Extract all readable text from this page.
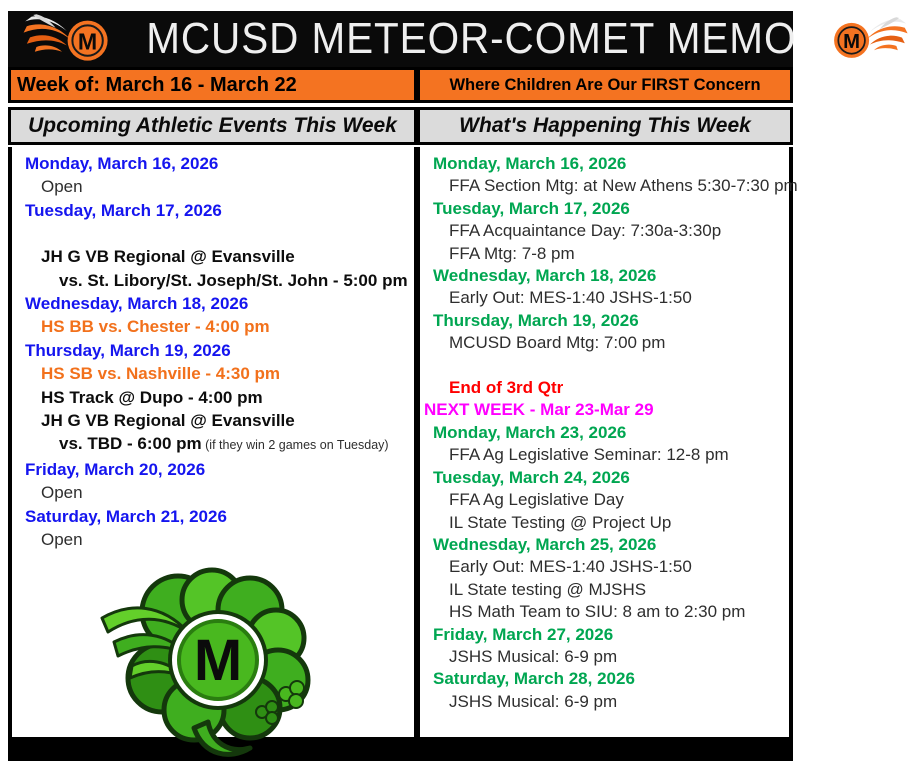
M MCUSD METEOR-COMET MEMO M
Week of: March 16 - March 22	Where Children Are Our FIRST Concern
Upcoming Athletic Events This Week	What's Happening This Week
Monday, March 16, 2026
Open
Tuesday, March 17, 2026

JH G VB Regional @ Evansville
vs. St. Libory/St. Joseph/St. John - 5:00 pm
Wednesday, March 18, 2026
HS BB vs. Chester - 4:00 pm
Thursday, March 19, 2026
HS SB vs. Nashville - 4:30 pm
HS Track @ Dupo - 4:00 pm
JH G VB Regional @ Evansville
vs. TBD - 6:00 pm (if they win 2 games on Tuesday)
Friday, March 20, 2026
Open
Saturday, March 21, 2026
Open
M
Monday, March 16, 2026
FFA Section Mtg: at New Athens 5:30-7:30 pm
Tuesday, March 17, 2026
FFA Acquaintance Day: 7:30a-3:30p
FFA Mtg: 7-8 pm
Wednesday, March 18, 2026
Early Out: MES-1:40 JSHS-1:50
Thursday, March 19, 2026
MCUSD Board Mtg: 7:00 pm

End of 3rd Qtr
NEXT WEEK - Mar 23-Mar 29
Monday, March 23, 2026
FFA Ag Legislative Seminar: 12-8 pm
Tuesday, March 24, 2026
FFA Ag Legislative Day
IL State Testing @ Project Up
Wednesday, March 25, 2026
Early Out: MES-1:40 JSHS-1:50
IL State testing @ MJSHS
HS Math Team to SIU: 8 am to 2:30 pm
Friday, March 27, 2026
JSHS Musical: 6-9 pm
Saturday, March 28, 2026
JSHS Musical: 6-9 pm
